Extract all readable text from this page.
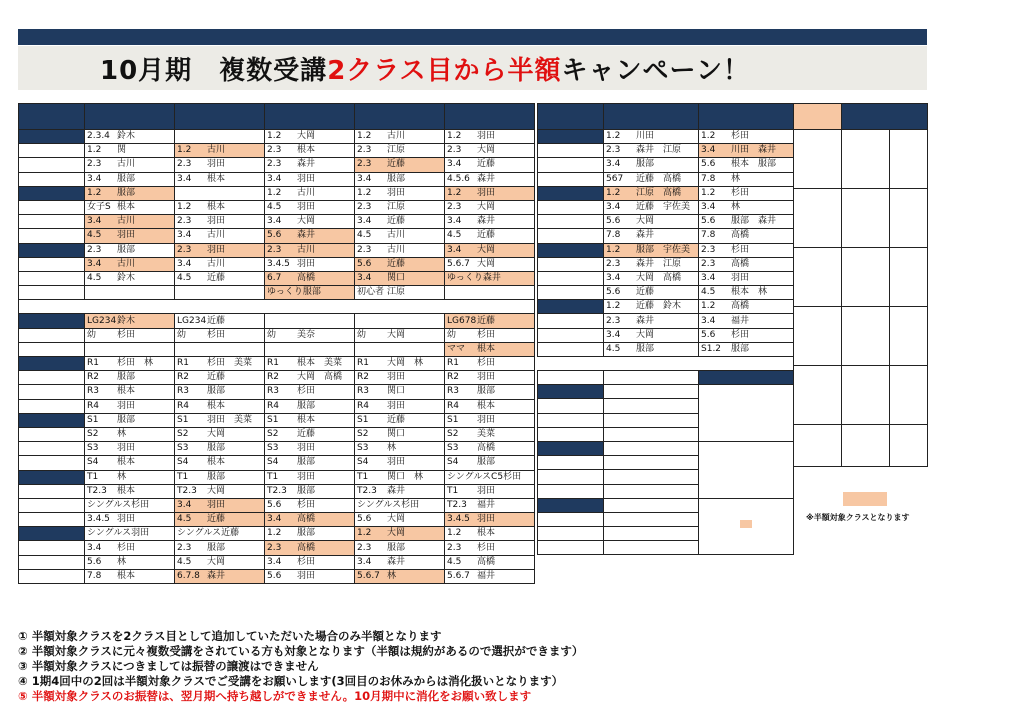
10月期　複数受講 2クラス目から半額 キャンペーン！

	2.3.4 鈴木		1.2 大岡	1.2 古川	1.2 羽田
	1.2 関	1.2 古川	2.3 根本	2.3 江原	2.3 大岡
	2.3 古川	2.3 羽田	2.3 森井	2.3 近藤	3.4 近藤
	3.4 服部	3.4 根本	3.4 羽田	3.4 服部	4.5.6 森井
	1.2 服部		1.2 古川	1.2 羽田	1.2 羽田
	女子S 根本	1.2 根本	4.5 羽田	2.3 江原	2.3 大岡
	3.4 古川	2.3 羽田	3.4 大岡	3.4 近藤	3.4 森井
	4.5 羽田	3.4 古川	5.6 森井	4.5 古川	4.5 近藤
	2.3 服部	2.3 羽田	2.3 古川	2.3 古川	3.4 大岡
	3.4 古川	3.4 古川	3.4.5 羽田	5.6 近藤	5.6.7 大岡
	4.5 鈴木	4.5 近藤	6.7 高橋	3.4 関口	ゆっくり森井
			ゆっくり服部	初心者 江原	

	LG234鈴木	LG234近藤			LG678近藤
	幼 杉田	幼 杉田	幼 美奈	幼 大岡	幼 杉田
					ママ 根本
	R1 杉田　林	R1 杉田　美菜	R1 根本　美菜	R1 大岡　林	R1 杉田
	R2 服部	R2 近藤	R2 大岡　高橋	R2 羽田	R2 羽田
	R3 根本	R3 服部	R3 杉田	R3 関口	R3 服部
	R4 羽田	R4 根本	R4 服部	R4 羽田	R4 根本
	S1 服部	S1 羽田　美菜	S1 根本	S1 近藤	S1 羽田
	S2 林	S2 大岡	S2 近藤	S2 関口	S2 美菜
	S3 羽田	S3 服部	S3 羽田	S3 林	S3 高橋
	S4 根本	S4 根本	S4 服部	S4 羽田	S4 服部
	T1 林	T1 服部	T1 羽田	T1 関口　林	シングルスC5杉田
	T2.3 根本	T2.3 大岡	T2.3 服部	T2.3 森井	T1 羽田
	シングルス杉田	3.4 羽田	5.6 杉田	シングルス杉田	T2.3 福井
	3.4.5 羽田	4.5 近藤	3.4 高橋	5.6 大岡	3.4.5 羽田
	シングルス羽田	シングルス近藤	1.2 服部	1.2 大岡	1.2 根本
	3.4 杉田	2.3 服部	2.3 高橋	2.3 服部	2.3 杉田
	5.6 林	4.5 大岡	3.4 杉田	3.4 森井	4.5 高橋
	7.8 根本	6.7.8 森井	5.6 羽田	5.6.7 林	5.6.7 福井

	1.2 川田	1.2 杉田
	2.3 森井　江原	3.4 川田　森井
	3.4 服部	5.6 根本　服部
	567 近藤　高橋	7.8 林
	1.2 江原　高橋	1.2 杉田
	3.4 近藤　宇佐美	3.4 林
	5.6 大岡	5.6 服部　森井
	7.8 森井	7.8 高橋
	1.2 服部　宇佐美	2.3 杉田
	2.3 森井　江原	2.3 高橋
	3.4 大岡　高橋	3.4 羽田
	5.6 近藤	4.5 根本　林
	1.2 近藤　鈴木	1.2 高橋
	2.3 森井	3.4 福井
	3.4 大岡	5.6 杉田
	4.5 服部	S1.2 服部

※半額対象クラスとなります
① 半額対象クラスを2クラス目として追加していただいた場合のみ半額となります
② 半額対象クラスに元々複数受講をされている方も対象となります（半額は規約があるので選択ができます）
③ 半額対象クラスにつきましては振替の譲渡はできません
④ 1期4回中の2回は半額対象クラスでご受講をお願いします(3回目のお休みからは消化扱いとなります）
⑤ 半額対象クラスのお振替は、翌月期へ持ち越しができません。10月期中に消化をお願い致します
